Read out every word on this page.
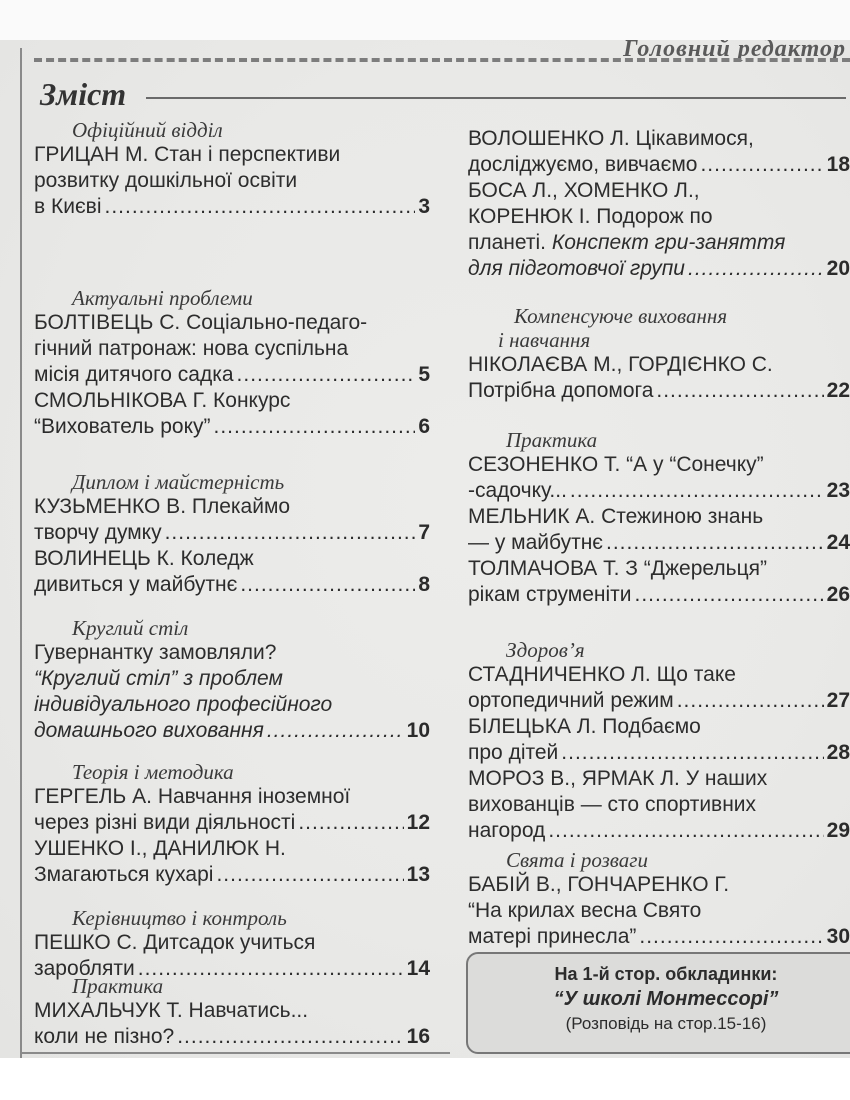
Головний редактор
Зміст
Офіційний відділ
ГРИЦАН М. Стан і перспективи
розвитку дошкільної освіти
в Києві .....	3
Актуальні проблеми
БОЛТІВЕЦЬ С. Соціально-педаго-
гічний патронаж: нова суспільна
місія дитячого садка .....	5
СМОЛЬНІКОВА Г. Конкурс
“Вихователь року” .....	6
Диплом і майстерність
КУЗЬМЕНКО В. Плекаймо
творчу думку .....	7
ВОЛИНЕЦЬ К. Коледж
дивиться у майбутнє .....	8
Круглий стіл
Гувернантку замовляли?
“Круглий стіл” з проблем
індивідуального професійного
домашнього виховання .....	10
Теорія і методика
ГЕРГЕЛЬ А. Навчання іноземної
через різні види діяльності .....	12
УШЕНКО І., ДАНИЛЮК Н.
Змагаються кухарі .....	13
Керівництво і контроль
ПЕШКО С. Дитсадок учиться
заробляти .....	14
Практика
МИХАЛЬЧУК Т. Навчатись...
коли не пізно? .....	16
ВОЛОШЕНКО Л. Цікавимося,
досліджуємо, вивчаємо .....	18
БОСА Л., ХОМЕНКО Л.,
КОРЕНЮК І. Подорож по
планеті. Конспект гри-заняття
для підготовчої групи .....	20
Компенсуюче виховання
і навчання
НІКОЛАЄВА М., ГОРДІЄНКО С.
Потрібна допомога .....	22
Практика
СЕЗОНЕНКО Т. “А у “Сонечку”
-садочку... .....	23
МЕЛЬНИК А. Стежиною знань
— у майбутнє .....	24
ТОЛМАЧОВА Т. З “Джерельця”
рікам струменіти .....	26
Здоров’я
СТАДНИЧЕНКО Л. Що таке
ортопедичний режим .....	27
БІЛЕЦЬКА Л. Подбаємо
про дітей .....	28
МОРОЗ В., ЯРМАК Л. У наших
вихованців — сто спортивних
нагород .....	29
Свята і розваги
БАБІЙ В., ГОНЧАРЕНКО Г.
“На крилах весна Свято
матері принесла” .....	30
На 1-й стор. обкладинки:
“У школі Монтессорі”
(Розповідь на стор.15-16)
